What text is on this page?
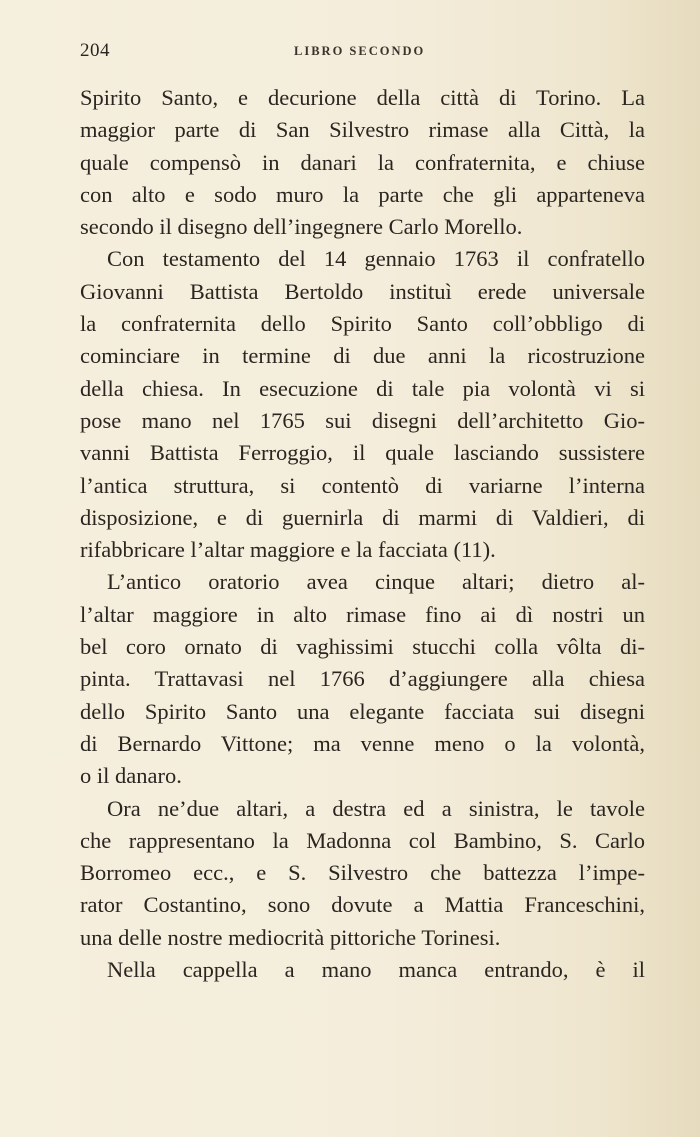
204	LIBRO SECONDO
Spirito Santo, e decurione della città di Torino. La
maggior parte di San Silvestro rimase alla Città, la
quale compensò in danari la confraternita, e chiuse
con alto e sodo muro la parte che gli apparteneva
secondo il disegno dell’ingegnere Carlo Morello.
Con testamento del 14 gennaio 1763 il confratello
Giovanni Battista Bertoldo instituì erede universale
la confraternita dello Spirito Santo coll’obbligo di
cominciare in termine di due anni la ricostruzione
della chiesa. In esecuzione di tale pia volontà vi si
pose mano nel 1765 sui disegni dell’architetto Gio-
vanni Battista Ferroggio, il quale lasciando sussistere
l’antica struttura, si contentò di variarne l’interna
disposizione, e di guernirla di marmi di Valdieri, di
rifabbricare l’altar maggiore e la facciata (11).
L’antico oratorio avea cinque altari; dietro al-
l’altar maggiore in alto rimase fino ai dì nostri un
bel coro ornato di vaghissimi stucchi colla vôlta di-
pinta. Trattavasi nel 1766 d’aggiungere alla chiesa
dello Spirito Santo una elegante facciata sui disegni
di Bernardo Vittone; ma venne meno o la volontà,
o il danaro.
Ora ne’due altari, a destra ed a sinistra, le tavole
che rappresentano la Madonna col Bambino, S. Carlo
Borromeo ecc., e S. Silvestro che battezza l’impe-
rator Costantino, sono dovute a Mattia Franceschini,
una delle nostre mediocrità pittoriche Torinesi.
Nella cappella a mano manca entrando, è il
